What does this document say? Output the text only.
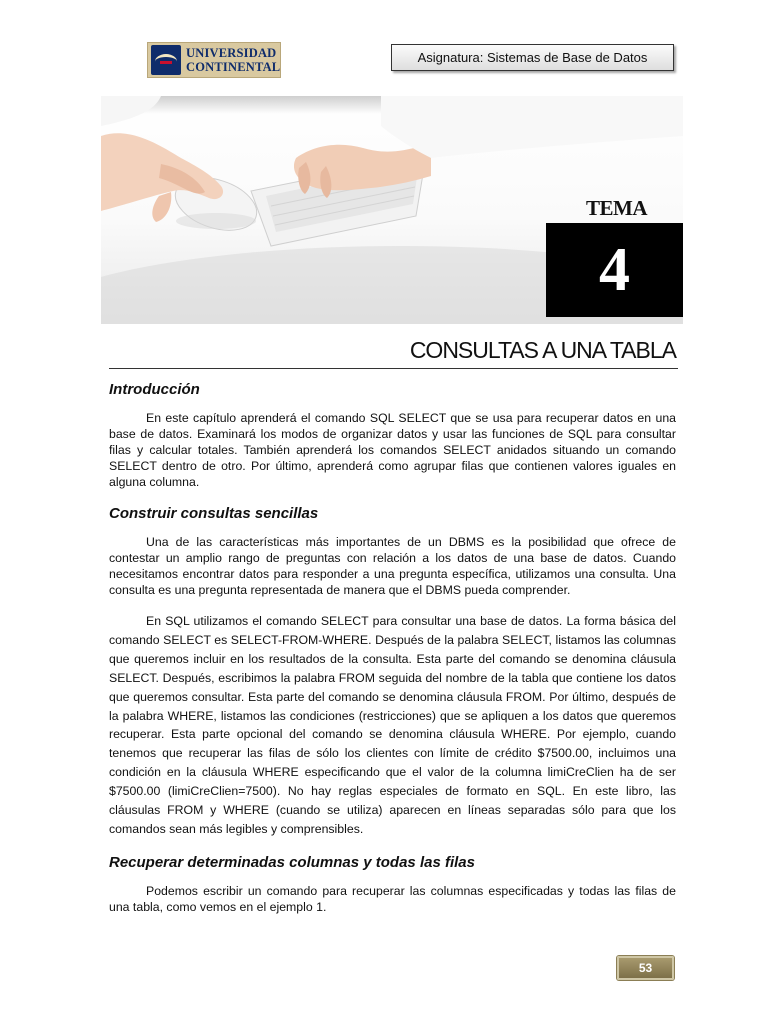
UNIVERSIDAD
CONTINENTAL
Asignatura: Sistemas de Base de Datos
TEMA
4
CONSULTAS A UNA TABLA
Introducción

En este capítulo aprenderá el comando SQL SELECT que se usa para recuperar datos en una base de datos. Examinará los modos de organizar datos y usar las funciones de SQL para consultar filas y calcular totales. También aprenderá los comandos SELECT anidados situando un comando SELECT dentro de otro. Por último, aprenderá como agrupar filas que contienen valores iguales en alguna columna.

Construir consultas sencillas

Una de las características más importantes de un DBMS es la posibilidad que ofrece de contestar un amplio rango de preguntas con relación a los datos de una base de datos. Cuando necesitamos encontrar datos para responder a una pregunta específica, utilizamos una consulta. Una consulta es una pregunta representada de manera que el DBMS pueda comprender.

En SQL utilizamos el comando SELECT para consultar una base de datos. La forma básica del comando SELECT es SELECT-FROM-WHERE. Después de la palabra SELECT, listamos las columnas que queremos incluir en los resultados de la consulta. Esta parte del comando se denomina cláusula SELECT. Después, escribimos la palabra FROM seguida del nombre de la tabla que contiene los datos que queremos consultar. Esta parte del comando se denomina cláusula FROM. Por último, después de la palabra WHERE, listamos las condiciones (restricciones) que se apliquen a los datos que queremos recuperar. Esta parte opcional del comando se denomina cláusula WHERE. Por ejemplo, cuando tenemos que recuperar las filas de sólo los clientes con límite de crédito $7500.00, incluimos una condición en la cláusula WHERE especificando que el valor de la columna limiCreClien ha de ser $7500.00 (limiCreClien=7500). No hay reglas especiales de formato en SQL. En este libro, las cláusulas FROM y WHERE (cuando se utiliza) aparecen en líneas separadas sólo para que los comandos sean más legibles y comprensibles.

Recuperar determinadas columnas y todas las filas

Podemos escribir un comando para recuperar las columnas especificadas y todas las filas de una tabla, como vemos en el ejemplo 1.

53
